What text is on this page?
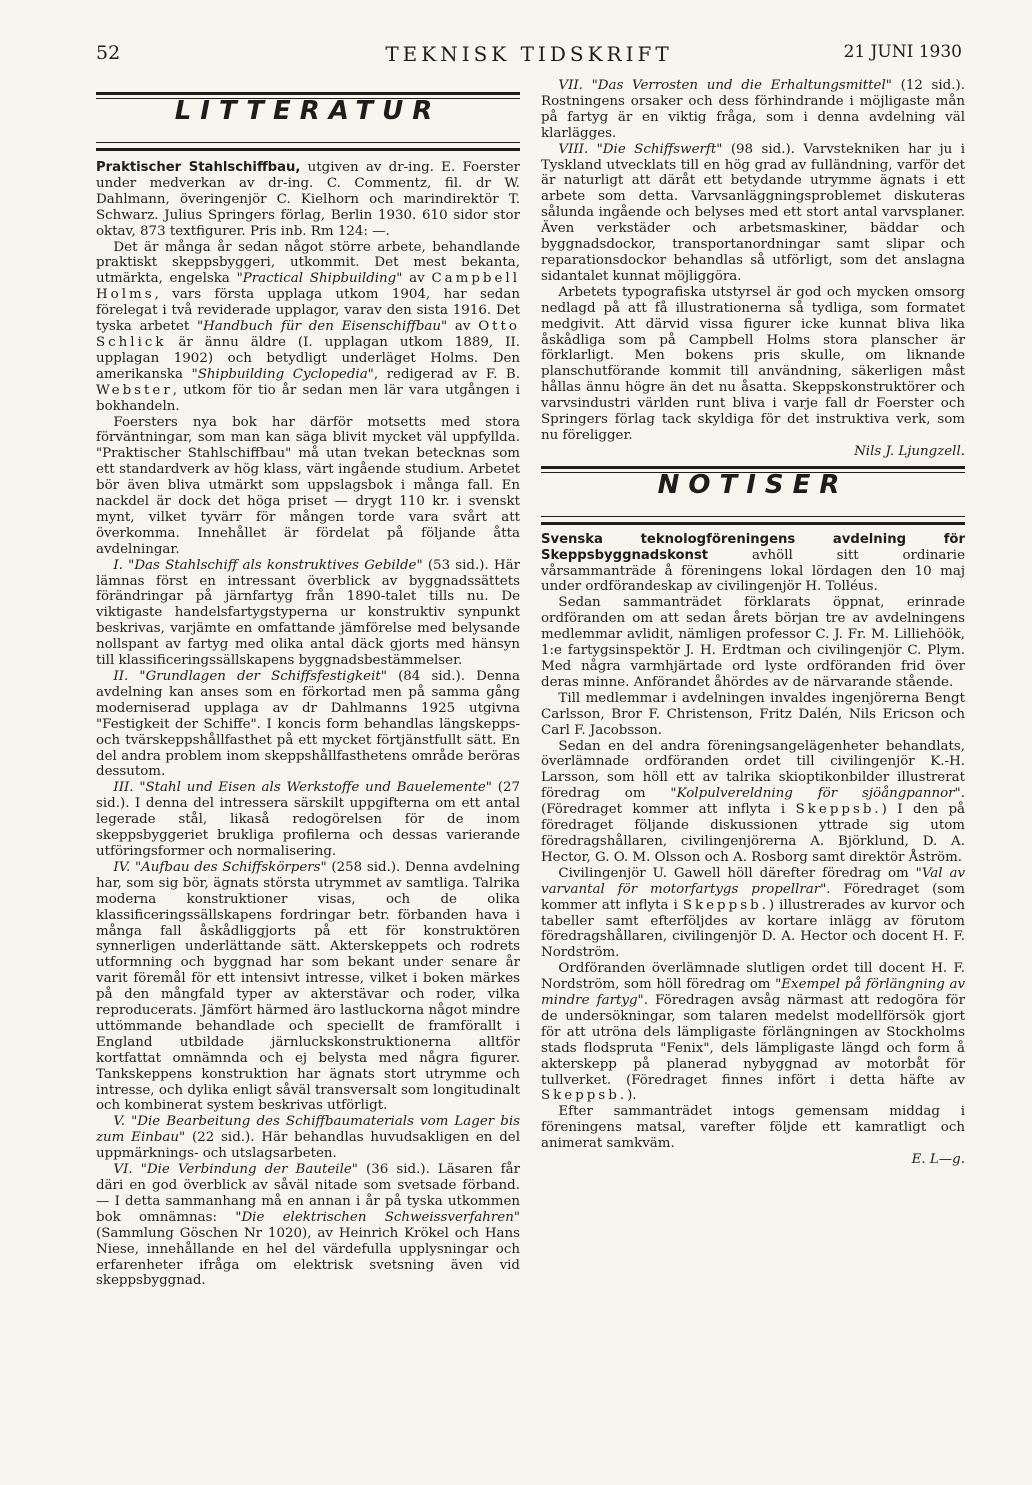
52	TEKNISK TIDSKRIFT	21 JUNI 1930
LITTERATUR

Praktischer Stahlschiffbau, utgiven av dr-ing. E. Foerster under medverkan av dr-ing. C. Commentz, fil. dr W. Dahlmann, överingenjör C. Kielhorn och marindirektör T. Schwarz. Julius Springers förlag, Berlin 1930. 610 sidor stor oktav, 873 textfigurer. Pris inb. Rm 124: —.

Det är många år sedan något större arbete, behandlande praktiskt skeppsbyggeri, utkommit. Det mest bekanta, utmärkta, engelska "Practical Shipbuilding" av Campbell Holms, vars första upplaga utkom 1904, har sedan förelegat i två reviderade upplagor, varav den sista 1916. Det tyska arbetet "Handbuch für den Eisenschiffbau" av Otto Schlick är ännu äldre (I. upplagan utkom 1889, II. upplagan 1902) och betydligt underläget Holms. Den amerikanska "Shipbuilding Cyclopedia", redigerad av F. B. Webster, utkom för tio år sedan men lär vara utgången i bokhandeln.

Foersters nya bok har därför motsetts med stora förväntningar, som man kan säga blivit mycket väl uppfyllda. "Praktischer Stahlschiffbau" må utan tvekan betecknas som ett standardverk av hög klass, värt ingående studium. Arbetet bör även bliva utmärkt som uppslagsbok i många fall. En nackdel är dock det höga priset — drygt 110 kr. i svenskt mynt, vilket tyvärr för mången torde vara svårt att överkomma. Innehållet är fördelat på följande åtta avdelningar.

I. "Das Stahlschiff als konstruktives Gebilde" (53 sid.). Här lämnas först en intressant överblick av byggnadssättets förändringar på järnfartyg från 1890-talet tills nu. De viktigaste handelsfartygstyperna ur konstruktiv synpunkt beskrivas, varjämte en omfattande jämförelse med belysande nollspant av fartyg med olika antal däck gjorts med hänsyn till klassificeringssällskapens byggnadsbestämmelser.

II. "Grundlagen der Schiffsfestigkeit" (84 sid.). Denna avdelning kan anses som en förkortad men på samma gång moderniserad upplaga av dr Dahlmanns 1925 utgivna "Festigkeit der Schiffe". I koncis form behandlas längskepps- och tvärskeppshållfasthet på ett mycket förtjänstfullt sätt. En del andra problem inom skeppshållfasthetens område beröras dessutom.

III. "Stahl und Eisen als Werkstoffe und Bauelemente" (27 sid.). I denna del intressera särskilt uppgifterna om ett antal legerade stål, likaså redogörelsen för de inom skeppsbyggeriet brukliga profilerna och dessas varierande utföringsformer och normalisering.

IV. "Aufbau des Schiffskörpers" (258 sid.). Denna avdelning har, som sig bör, ägnats största utrymmet av samtliga. Talrika moderna konstruktioner visas, och de olika klassificeringssällskapens fordringar betr. förbanden hava i många fall åskådliggjorts på ett för konstruktören synnerligen underlättande sätt. Akterskeppets och rodrets utformning och byggnad har som bekant under senare år varit föremål för ett intensivt intresse, vilket i boken märkes på den mångfald typer av akterstävar och roder, vilka reproducerats. Jämfört härmed äro lastluckorna något mindre uttömmande behandlade och speciellt de framförallt i England utbildade järnluckskonstruktionerna alltför kortfattat omnämnda och ej belysta med några figurer. Tankskeppens konstruktion har ägnats stort utrymme och intresse, och dylika enligt såväl transversalt som longitudinalt och kombinerat system beskrivas utförligt.

V. "Die Bearbeitung des Schiffbaumaterials vom Lager bis zum Einbau" (22 sid.). Här behandlas huvudsakligen en del uppmärknings- och utslagsarbeten.

VI. "Die Verbindung der Bauteile" (36 sid.). Läsaren får däri en god överblick av såväl nitade som svetsade förband. — I detta sammanhang må en annan i år på tyska utkommen bok omnämnas: "Die elektrischen Schweissverfahren" (Sammlung Göschen Nr 1020), av Heinrich Krökel och Hans Niese, innehållande en hel del värdefulla upplysningar och erfarenheter ifråga om elektrisk svetsning även vid skeppsbyggnad.

VII. "Das Verrosten und die Erhaltungsmittel" (12 sid.). Rostningens orsaker och dess förhindrande i möjligaste mån på fartyg är en viktig fråga, som i denna avdelning väl klarlägges.

VIII. "Die Schiffswerft" (98 sid.). Varvstekniken har ju i Tyskland utvecklats till en hög grad av fulländning, varför det är naturligt att däråt ett betydande utrymme ägnats i ett arbete som detta. Varvsanläggningsproblemet diskuteras sålunda ingående och belyses med ett stort antal varvsplaner. Även verkstäder och arbetsmaskiner, bäddar och byggnadsdockor, transportanordningar samt slipar och reparationsdockor behandlas så utförligt, som det anslagna sidantalet kunnat möjliggöra.

Arbetets typografiska utstyrsel är god och mycken omsorg nedlagd på att få illustrationerna så tydliga, som formatet medgivit. Att därvid vissa figurer icke kunnat bliva lika åskådliga som på Campbell Holms stora planscher är förklarligt. Men bokens pris skulle, om liknande planschutförande kommit till användning, säkerligen måst hållas ännu högre än det nu åsatta. Skeppskonstruktörer och varvsindustri världen runt bliva i varje fall dr Foerster och Springers förlag tack skyldiga för det instruktiva verk, som nu föreligger.

Nils J. Ljungzell.

NOTISER

Svenska teknologföreningens avdelning för Skeppsbyggnadskonst avhöll sitt ordinarie vårsammanträde å föreningens lokal lördagen den 10 maj under ordförandeskap av civilingenjör H. Tolléus.

Sedan sammanträdet förklarats öppnat, erinrade ordföranden om att sedan årets början tre av avdelningens medlemmar avlidit, nämligen professor C. J. Fr. M. Lilliehöök, 1:e fartygsinspektör J. H. Erdtman och civilingenjör C. Plym. Med några varmhjärtade ord lyste ordföranden frid över deras minne. Anförandet åhördes av de närvarande stående.

Till medlemmar i avdelningen invaldes ingenjörerna Bengt Carlsson, Bror F. Christenson, Fritz Dalén, Nils Ericson och Carl F. Jacobsson.

Sedan en del andra föreningsangelägenheter behandlats, överlämnade ordföranden ordet till civilingenjör K.-H. Larsson, som höll ett av talrika skioptikonbilder illustrerat föredrag om "Kolpulvereldning för sjöångpannor". (Föredraget kommer att inflyta i Skeppsb.) I den på föredraget följande diskussionen yttrade sig utom föredragshållaren, civilingenjörerna A. Björklund, D. A. Hector, G. O. M. Olsson och A. Rosborg samt direktör Åström.

Civilingenjör U. Gawell höll därefter föredrag om "Val av varvantal för motorfartygs propellrar". Föredraget (som kommer att inflyta i Skeppsb.) illustrerades av kurvor och tabeller samt efterföljdes av kortare inlägg av förutom föredragshållaren, civilingenjör D. A. Hector och docent H. F. Nordström.

Ordföranden överlämnade slutligen ordet till docent H. F. Nordström, som höll föredrag om "Exempel på förlängning av mindre fartyg". Föredragen avsåg närmast att redogöra för de undersökningar, som talaren medelst modellförsök gjort för att utröna dels lämpligaste förlängningen av Stockholms stads flodspruta "Fenix", dels lämpligaste längd och form å akterskepp på planerad nybyggnad av motorbåt för tullverket. (Föredraget finnes infört i detta häfte av Skeppsb.).

Efter sammanträdet intogs gemensam middag i föreningens matsal, varefter följde ett kamratligt och animerat samkväm.

E. L—g.
